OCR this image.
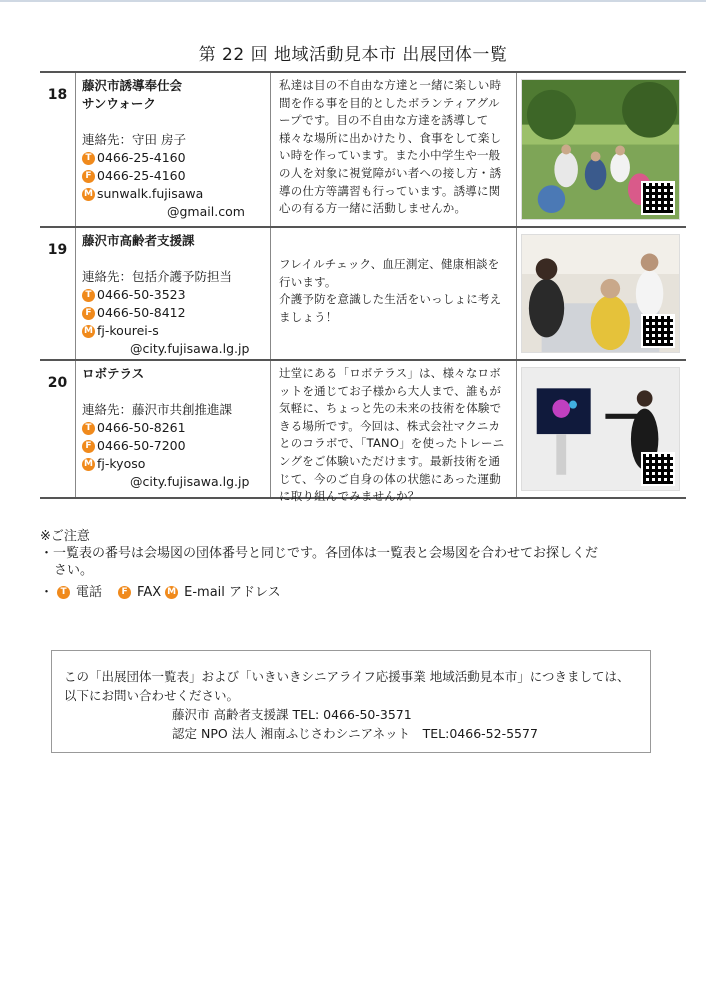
第 22 回 地域活動見本市 出展団体一覧
18
藤沢市誘導奉仕会
サンウォーク
連絡先：守田 房子
T 0466-25-4160
F 0466-25-4160
M sunwalk.fujisawa
@gmail.com
私達は目の不自由な方達と一緒に楽しい時間を作る事を目的としたボランティアグループです。目の不自由な方達を誘導して様々な場所に出かけたり、食事をして楽しい時を作っています。また小中学生や一般の人を対象に視覚障がい者への接し方・誘導の仕方等講習も行っています。誘導に関心の有る方一緒に活動しませんか。
19
藤沢市高齢者支援課
連絡先：包括介護予防担当
T 0466-50-3523
F 0466-50-8412
M fj-kourei-s
@city.fujisawa.lg.jp
フレイルチェック、血圧測定、健康相談を行います。
介護予防を意識した生活をいっしょに考えましょう！
20
ロボテラス
連絡先：藤沢市共創推進課
T 0466-50-8261
F 0466-50-7200
M fj-kyoso
@city.fujisawa.lg.jp
辻堂にある「ロボテラス」は、様々なロボットを通じてお子様から大人まで、誰もが気軽に、ちょっと先の未来の技術を体験できる場所です。今回は、株式会社マクニカとのコラボで、「TANO」を使ったトレーニングをご体験いただけます。最新技術を通じて、今のご自身の体の状態にあった運動に取り組んでみませんか？
※ご注意
・一覧表の番号は会場図の団体番号と同じです。各団体は一覧表と会場図を合わせてお探しくだ
さい。
・ T 電話	F FAX M E-mail アドレス
この「出展団体一覧表」および「いきいきシニアライフ応援事業 地域活動見本市」につきましては、
以下にお問い合わせください。
藤沢市 高齢者支援課 TEL: 0466-50-3571
認定 NPO 法人 湘南ふじさわシニアネット　TEL:0466-52-5577
